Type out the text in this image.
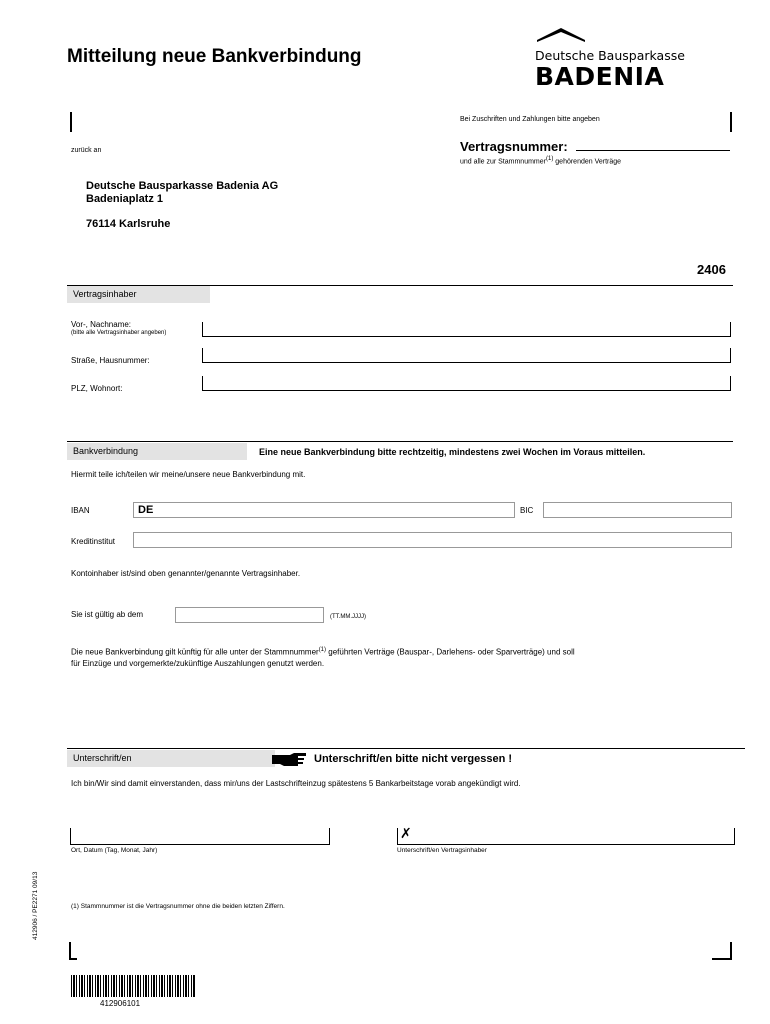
Mitteilung neue Bankverbindung	Deutsche Bausparkasse
BADENIA
Bei Zuschriften und Zahlungen bitte angeben
Vertragsnummer:
und alle zur Stammnummer$^{(1)}$ gehörenden Verträge
zurück an
Deutsche Bausparkasse Badenia AG
Badeniaplatz 1
76114 Karlsruhe
2406
Vertragsinhaber
Vor-, Nachname:
(bitte alle Vertragsinhaber angeben)
Straße, Hausnummer:
PLZ, Wohnort:
Bankverbindung	Eine neue Bankverbindung bitte rechtzeitig, mindestens zwei Wochen im Voraus mitteilen.
Hiermit teile ich/teilen wir meine/unsere neue Bankverbindung mit.
IBAN	DE	BIC
Kreditinstitut
Kontoinhaber ist/sind oben genannter/genannte Vertragsinhaber.
Sie ist gültig ab dem	(TT.MM.JJJJ)
Die neue Bankverbindung gilt künftig für alle unter der Stammnummer$^{(1)}$ geführten Verträge (Bauspar-, Darlehens- oder Sparverträge) und soll
für Einzüge und vorgemerkte/zukünftige Auszahlungen genutzt werden.
Unterschrift/en	Unterschrift/en bitte nicht vergessen !
Ich bin/Wir sind damit einverstanden, dass mir/uns der Lastschrifteinzug spätestens 5 Bankarbeitstage vorab angekündigt wird.
Ort, Datum (Tag, Monat, Jahr)
✗
Unterschrift/en Vertragsinhaber
(1) Stammnummer ist die Vertragsnummer ohne die beiden letzten Ziffern.
412906 / PE2271 09/13
412906101
